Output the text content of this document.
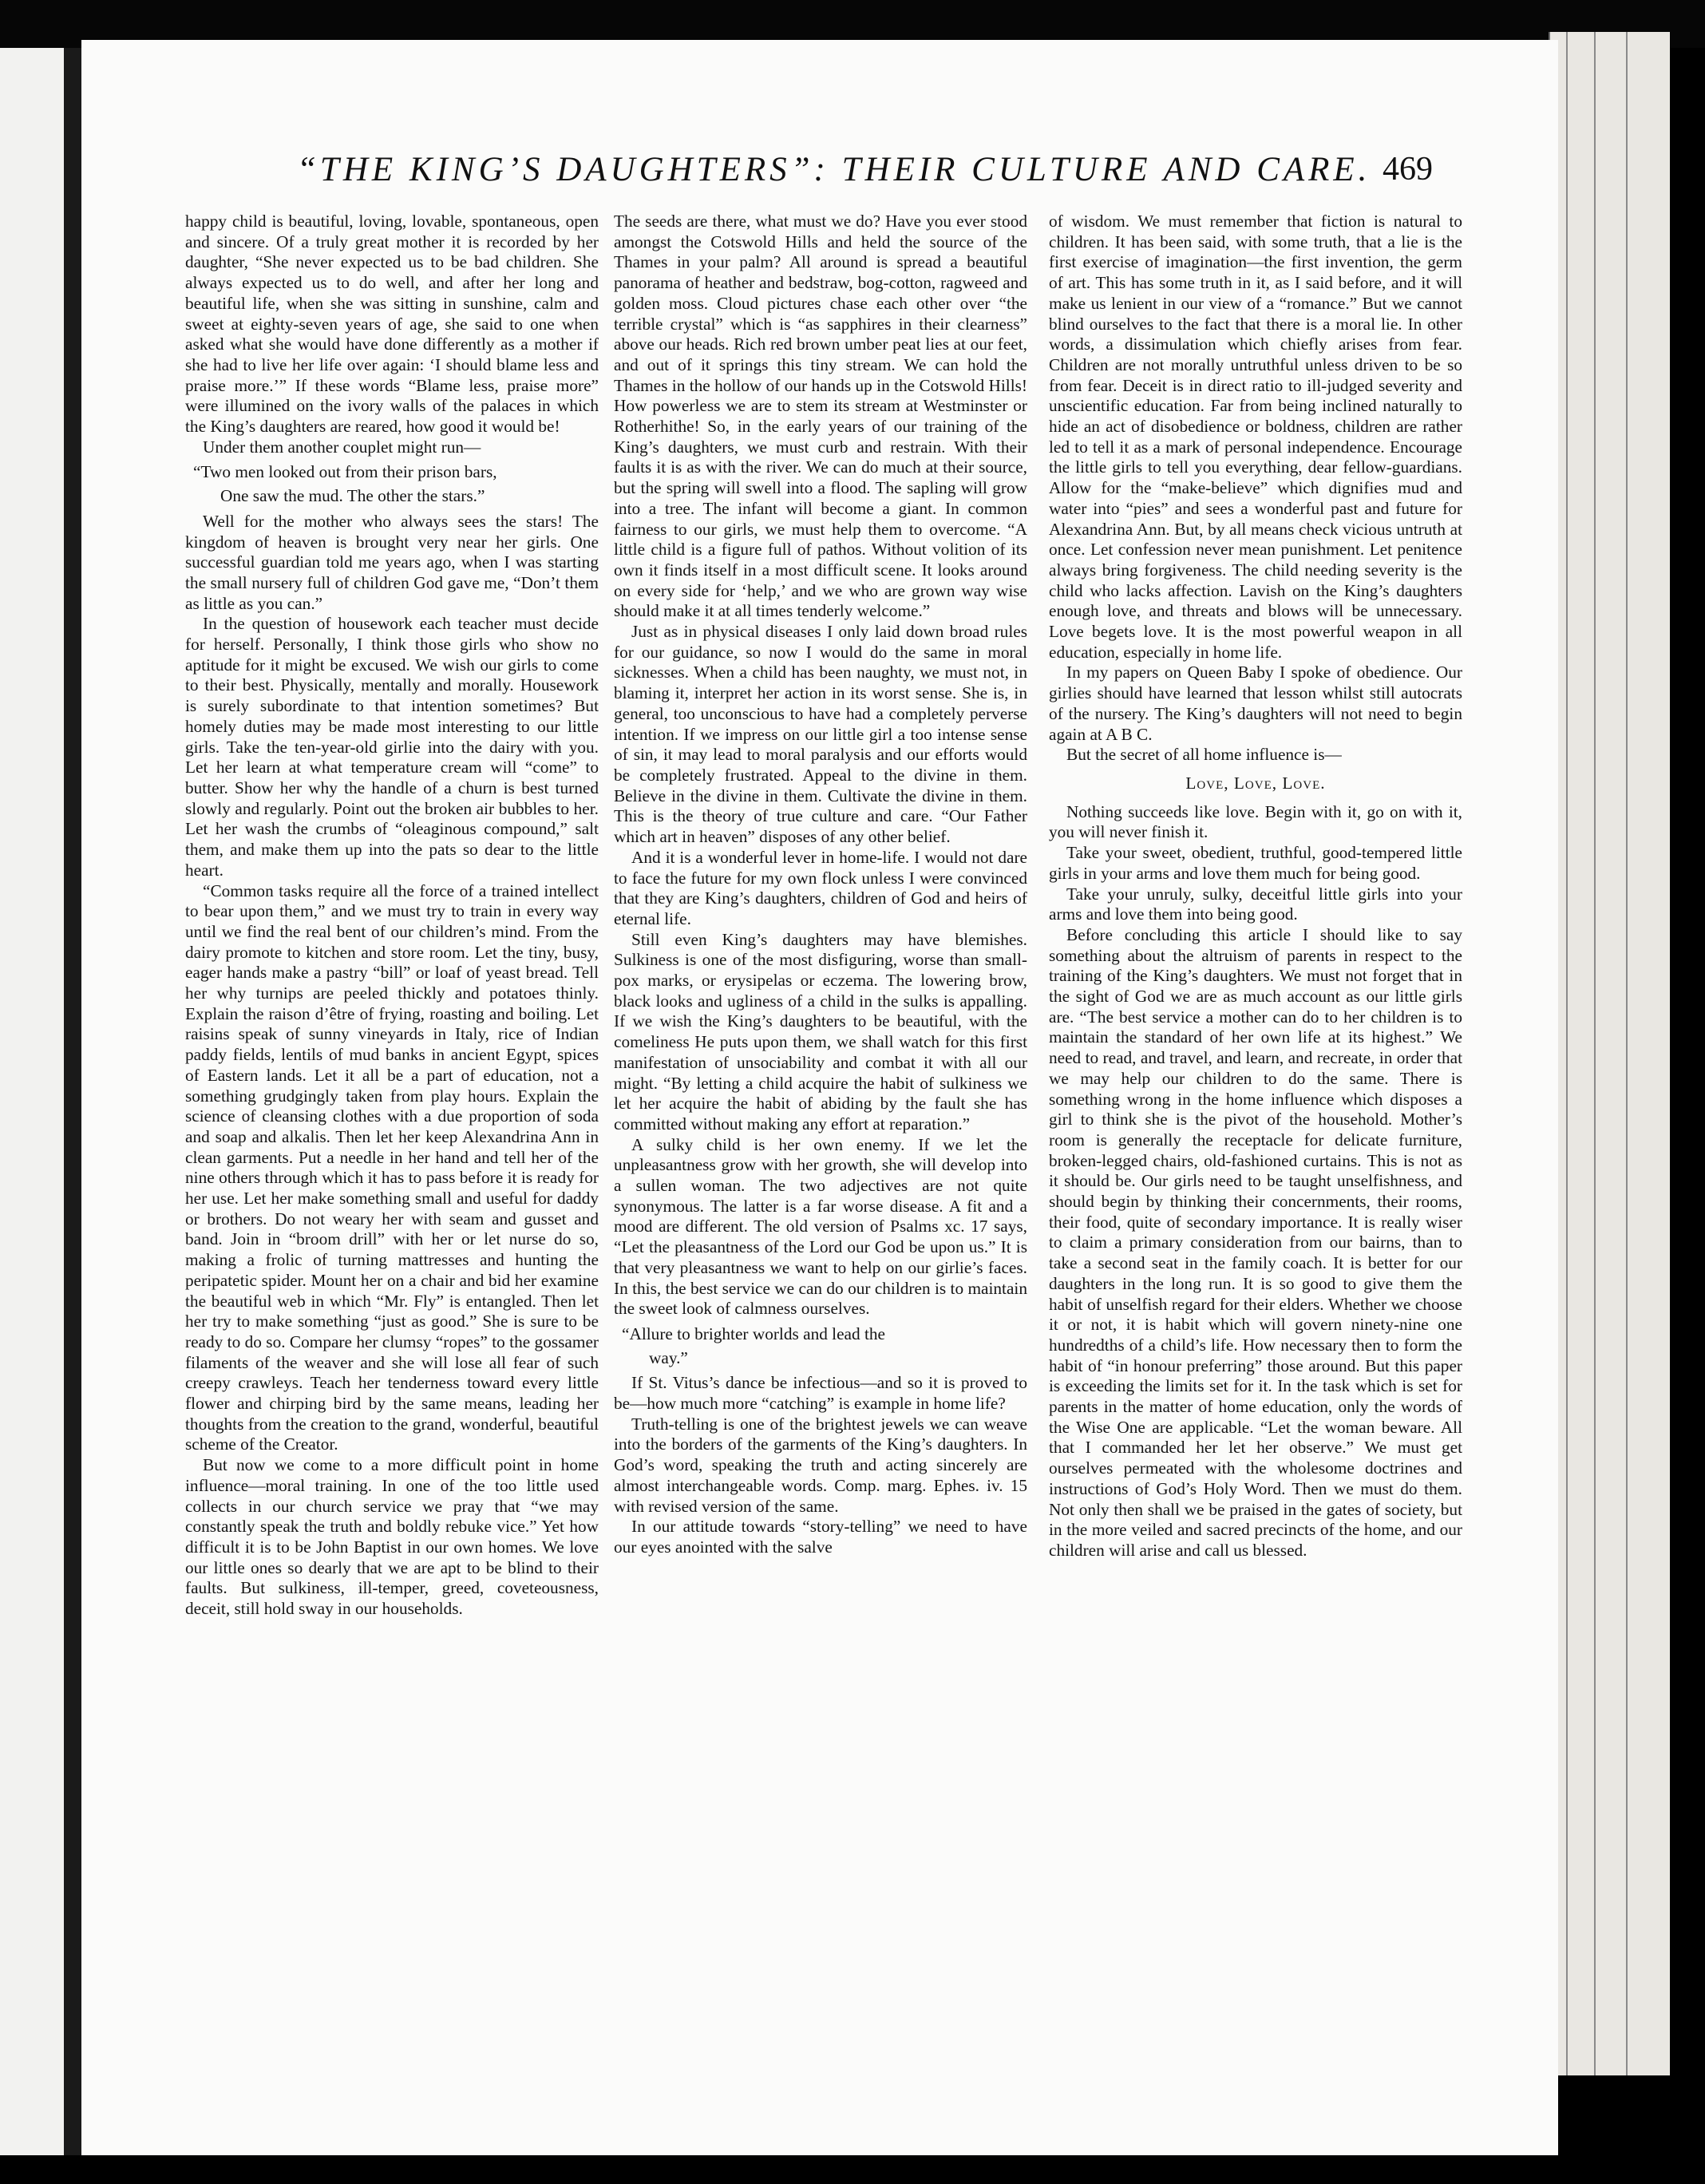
“THE KING’S DAUGHTERS”: THEIR CULTURE AND CARE. 469

happy child is beautiful, loving, lovable, spontaneous, open and sincere. Of a truly great mother it is recorded by her daughter, “She never expected us to be bad children. She always expected us to do well, and after her long and beautiful life, when she was sitting in sunshine, calm and sweet at eighty-seven years of age, she said to one when asked what she would have done differently as a mother if she had to live her life over again: ‘I should blame less and praise more.’” If these words “Blame less, praise more” were illumined on the ivory walls of the palaces in which the King’s daughters are reared, how good it would be!

Under them another couplet might run—

“Two men looked out from their prison bars,

One saw the mud. The other the stars.”

Well for the mother who always sees the stars! The kingdom of heaven is brought very near her girls. One successful guardian told me years ago, when I was starting the small nursery full of children God gave me, “Don’t them as little as you can.”

In the question of housework each teacher must decide for herself. Personally, I think those girls who show no aptitude for it might be excused. We wish our girls to come to their best. Physically, mentally and morally. Housework is surely subordinate to that intention sometimes? But homely duties may be made most interesting to our little girls. Take the ten-year-old girlie into the dairy with you. Let her learn at what temperature cream will “come” to butter. Show her why the handle of a churn is best turned slowly and regularly. Point out the broken air bubbles to her. Let her wash the crumbs of “oleaginous compound,” salt them, and make them up into the pats so dear to the little heart.

“Common tasks require all the force of a trained intellect to bear upon them,” and we must try to train in every way until we find the real bent of our children’s mind. From the dairy promote to kitchen and store room. Let the tiny, busy, eager hands make a pastry “bill” or loaf of yeast bread. Tell her why turnips are peeled thickly and potatoes thinly. Explain the raison d’être of frying, roasting and boiling. Let raisins speak of sunny vineyards in Italy, rice of Indian paddy fields, lentils of mud banks in ancient Egypt, spices of Eastern lands. Let it all be a part of education, not a something grudgingly taken from play hours. Explain the science of cleansing clothes with a due proportion of soda and soap and alkalis. Then let her keep Alexandrina Ann in clean garments. Put a needle in her hand and tell her of the nine others through which it has to pass before it is ready for her use. Let her make something small and useful for daddy or brothers. Do not weary her with seam and gusset and band. Join in “broom drill” with her or let nurse do so, making a frolic of turning mattresses and hunting the peripatetic spider. Mount her on a chair and bid her examine the beautiful web in which “Mr. Fly” is entangled. Then let her try to make something “just as good.” She is sure to be ready to do so. Compare her clumsy “ropes” to the gossamer filaments of the weaver and she will lose all fear of such creepy crawleys. Teach her tenderness toward every little flower and chirping bird by the same means, leading her thoughts from the creation to the grand, wonderful, beautiful scheme of the Creator.

But now we come to a more difficult point in home influence—moral training. In one of the too little used collects in our church service we pray that “we may constantly speak the truth and boldly rebuke vice.” Yet how difficult it is to be John Baptist in our own homes. We love our little ones so dearly that we are apt to be blind to their faults. But sulkiness, ill-temper, greed, coveteousness, deceit, still hold sway in our households.

The seeds are there, what must we do? Have you ever stood amongst the Cotswold Hills and held the source of the Thames in your palm? All around is spread a beautiful panorama of heather and bedstraw, bog-cotton, ragweed and golden moss. Cloud pictures chase each other over “the terrible crystal” which is “as sapphires in their clearness” above our heads. Rich red brown umber peat lies at our feet, and out of it springs this tiny stream. We can hold the Thames in the hollow of our hands up in the Cotswold Hills! How powerless we are to stem its stream at Westminster or Rotherhithe! So, in the early years of our training of the King’s daughters, we must curb and restrain. With their faults it is as with the river. We can do much at their source, but the spring will swell into a flood. The sapling will grow into a tree. The infant will become a giant. In common fairness to our girls, we must help them to overcome. “A little child is a figure full of pathos. Without volition of its own it finds itself in a most difficult scene. It looks around on every side for ‘help,’ and we who are grown way wise should make it at all times tenderly welcome.”

Just as in physical diseases I only laid down broad rules for our guidance, so now I would do the same in moral sicknesses. When a child has been naughty, we must not, in blaming it, interpret her action in its worst sense. She is, in general, too unconscious to have had a completely perverse intention. If we impress on our little girl a too intense sense of sin, it may lead to moral paralysis and our efforts would be completely frustrated. Appeal to the divine in them. Believe in the divine in them. Cultivate the divine in them. This is the theory of true culture and care. “Our Father which art in heaven” disposes of any other belief.

And it is a wonderful lever in home-life. I would not dare to face the future for my own flock unless I were convinced that they are King’s daughters, children of God and heirs of eternal life.

Still even King’s daughters may have blemishes. Sulkiness is one of the most disfiguring, worse than small-pox marks, or erysipelas or eczema. The lowering brow, black looks and ugliness of a child in the sulks is appalling. If we wish the King’s daughters to be beautiful, with the comeliness He puts upon them, we shall watch for this first manifestation of unsociability and combat it with all our might. “By letting a child acquire the habit of sulkiness we let her acquire the habit of abiding by the fault she has committed without making any effort at reparation.”

A sulky child is her own enemy. If we let the unpleasantness grow with her growth, she will develop into a sullen woman. The two adjectives are not quite synonymous. The latter is a far worse disease. A fit and a mood are different. The old version of Psalms xc. 17 says, “Let the pleasantness of the Lord our God be upon us.” It is that very pleasantness we want to help on our girlie’s faces. In this, the best service we can do our children is to maintain the sweet look of calmness ourselves.

“Allure to brighter worlds and lead the

way.”

If St. Vitus’s dance be infectious—and so it is proved to be—how much more “catching” is example in home life?

Truth-telling is one of the brightest jewels we can weave into the borders of the garments of the King’s daughters. In God’s word, speaking the truth and acting sincerely are almost interchangeable words. Comp. marg. Ephes. iv. 15 with revised version of the same.

In our attitude towards “story-telling” we need to have our eyes anointed with the salve

of wisdom. We must remember that fiction is natural to children. It has been said, with some truth, that a lie is the first exercise of imagination—the first invention, the germ of art. This has some truth in it, as I said before, and it will make us lenient in our view of a “romance.” But we cannot blind ourselves to the fact that there is a moral lie. In other words, a dissimulation which chiefly arises from fear. Children are not morally untruthful unless driven to be so from fear. Deceit is in direct ratio to ill-judged severity and unscientific education. Far from being inclined naturally to hide an act of disobedience or boldness, children are rather led to tell it as a mark of personal independence. Encourage the little girls to tell you everything, dear fellow-guardians. Allow for the “make-believe” which dignifies mud and water into “pies” and sees a wonderful past and future for Alexandrina Ann. But, by all means check vicious untruth at once. Let confession never mean punishment. Let penitence always bring forgiveness. The child needing severity is the child who lacks affection. Lavish on the King’s daughters enough love, and threats and blows will be unnecessary. Love begets love. It is the most powerful weapon in all education, especially in home life.

In my papers on Queen Baby I spoke of obedience. Our girlies should have learned that lesson whilst still autocrats of the nursery. The King’s daughters will not need to begin again at A B C.

But the secret of all home influence is—

Love, Love, Love.

Nothing succeeds like love. Begin with it, go on with it, you will never finish it.

Take your sweet, obedient, truthful, good-tempered little girls in your arms and love them much for being good.

Take your unruly, sulky, deceitful little girls into your arms and love them into being good.

Before concluding this article I should like to say something about the altruism of parents in respect to the training of the King’s daughters. We must not forget that in the sight of God we are as much account as our little girls are. “The best service a mother can do to her children is to maintain the standard of her own life at its highest.” We need to read, and travel, and learn, and recreate, in order that we may help our children to do the same. There is something wrong in the home influence which disposes a girl to think she is the pivot of the household. Mother’s room is generally the receptacle for delicate furniture, broken-legged chairs, old-fashioned curtains. This is not as it should be. Our girls need to be taught unselfishness, and should begin by thinking their concernments, their rooms, their food, quite of secondary importance. It is really wiser to claim a primary consideration from our bairns, than to take a second seat in the family coach. It is better for our daughters in the long run. It is so good to give them the habit of unselfish regard for their elders. Whether we choose it or not, it is habit which will govern ninety-nine one hundredths of a child’s life. How necessary then to form the habit of “in honour preferring” those around. But this paper is exceeding the limits set for it. In the task which is set for parents in the matter of home education, only the words of the Wise One are applicable. “Let the woman beware. All that I commanded her let her observe.” We must get ourselves permeated with the wholesome doctrines and instructions of God’s Holy Word. Then we must do them. Not only then shall we be praised in the gates of society, but in the more veiled and sacred precincts of the home, and our children will arise and call us blessed.
